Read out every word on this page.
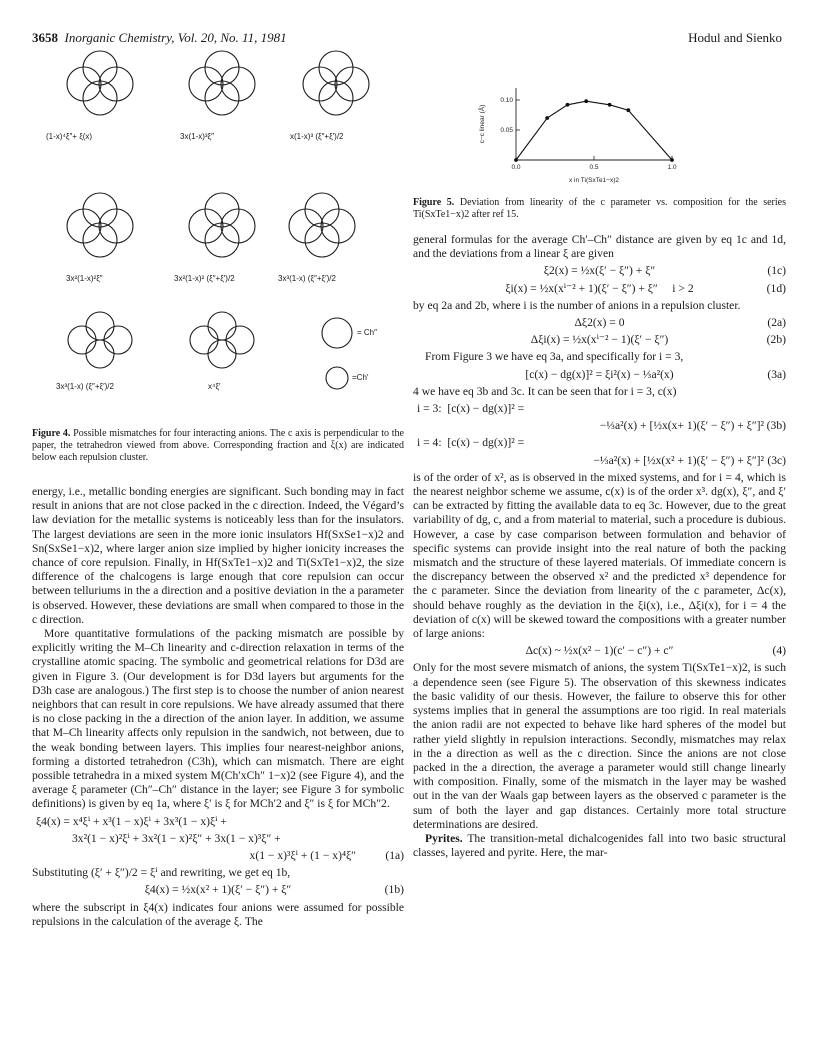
3658 Inorganic Chemistry, Vol. 20, No. 11, 1981	Hodul and Sienko
(1-x)⁴ξ″+ ξ(x)	3x(1-x)³ξ″	x(1-x)³ (ξ″+ξ′)/2
3x²(1-x)²ξ″	3x²(1-x)² (ξ″+ξ′)/2	3x³(1-x) (ξ″+ξ′)/2
3x³(1-x) (ξ″+ξ′)/2	x⁴ξ′
= Ch″
=Ch′
Figure 4. Possible mismatches for four interacting anions. The c axis is perpendicular to the paper, the tetrahedron viewed from above. Corresponding fraction and ξ(x) are indicated below each repulsion cluster.

energy, i.e., metallic bonding energies are significant. Such bonding may in fact result in anions that are not close packed in the c direction. Indeed, the Végard’s law deviation for the metallic systems is noticeably less than for the insulators. The largest deviations are seen in the more ionic insulators Hf(SxSe1−x)2 and Sn(SxSe1−x)2, where larger anion size implied by higher ionicity increases the chance of core repulsion. Finally, in Hf(SxTe1−x)2 and Ti(SxTe1−x)2, the size difference of the chalcogens is large enough that core repulsion can occur between telluriums in the a direction and a positive deviation in the a parameter is observed. However, these deviations are small when compared to those in the c direction.

More quantitative formulations of the packing mismatch are possible by explicitly writing the M–Ch linearity and c-direction relaxation in terms of the crystalline atomic spacing. The symbolic and geometrical relations for D3d are given in Figure 3. (Our development is for D3d layers but arguments for the D3h case are analogous.) The first step is to choose the number of anion nearest neighbors that can result in core repulsions. We have already assumed that there is no close packing in the a direction of the anion layer. In addition, we assume that M–Ch linearity affects only repulsion in the sandwich, not between, due to the weak bonding between layers. This implies four nearest-neighbor anions, forming a distorted tetrahedron (C3h), which can mismatch. There are eight possible tetrahedra in a mixed system M(Ch′xCh″ 1−x)2 (see Figure 4), and the average ξ parameter (Ch″–Ch″ distance in the layer; see Figure 3 for symbolic definitions) is given by eq 1a, where ξ′ is ξ for MCh′2 and ξ″ is ξ for MCh″2.

ξ4(x) = x⁴ξⁱ + x³(1 − x)ξⁱ + 3x³(1 − x)ξⁱ +
3x²(1 − x)²ξⁱ + 3x²(1 − x)²ξ″ + 3x(1 − x)³ξ″ +
x(1 − x)³ξⁱ + (1 − x)⁴ξ″	(1a)

Substituting (ξ′ + ξ″)/2 = ξⁱ and rewriting, we get eq 1b,

ξ4(x) = ½x(x² + 1)(ξ′ − ξ″) + ξ″	(1b)

where the subscript in ξ4(x) indicates four anions were assumed for possible repulsions in the calculation of the average ξ. The

0.0	0.5	1.0
0.05
0.10
x in Ti(SxTe1−x)2
c−c linear (Å)
Figure 5. Deviation from linearity of the c parameter vs. composition for the series Ti(SxTe1−x)2 after ref 15.

general formulas for the average Ch′–Ch″ distance are given by eq 1c and 1d, and the deviations from a linear ξ are given

ξ2(x) = ½x(ξ′ − ξ″) + ξ″	(1c)
ξi(x) = ½x(xⁱ⁻² + 1)(ξ′ − ξ″) + ξ″     i > 2	(1d)

by eq 2a and 2b, where i is the number of anions in a repulsion cluster.

Δξ2(x) = 0	(2a)
Δξi(x) = ½x(xⁱ⁻² − 1)(ξ′ − ξ″)	(2b)

From Figure 3 we have eq 3a, and specifically for i = 3,

[c(x) − dg(x)]² = ξi²(x) − ⅓a²(x)	(3a)

4 we have eq 3b and 3c. It can be seen that for i = 3, c(x)

i = 3:  [c(x) − dg(x)]² =
−⅓a²(x) + [½x(x+ 1)(ξ′ − ξ″) + ξ″]² (3b)
i = 4:  [c(x) − dg(x)]² =
−⅓a²(x) + [½x(x² + 1)(ξ′ − ξ″) + ξ″]² (3c)

is of the order of x², as is observed in the mixed systems, and for i = 4, which is the nearest neighbor scheme we assume, c(x) is of the order x³. dg(x), ξ″, and ξ′ can be extracted by fitting the available data to eq 3c. However, due to the great variability of dg, c, and a from material to material, such a procedure is dubious. However, a case by case comparison between formulation and behavior of specific systems can provide insight into the real nature of both the packing mismatch and the structure of these layered materials. Of immediate concern is the discrepancy between the observed x² and the predicted x³ dependence for the c parameter. Since the deviation from linearity of the c parameter, Δc(x), should behave roughly as the deviation in the ξi(x), i.e., Δξi(x), for i = 4 the deviation of c(x) will be skewed toward the compositions with a greater number of large anions:

Δc(x) ~ ½x(x² − 1)(c′ − c″) + c″	(4)

Only for the most severe mismatch of anions, the system Ti(SxTe1−x)2, is such a dependence seen (see Figure 5). The observation of this skewness indicates the basic validity of our thesis. However, the failure to observe this for other systems implies that in general the assumptions are too rigid. In real materials the anion radii are not expected to behave like hard spheres of the model but rather yield slightly in repulsion interactions. Secondly, mismatches may relax in the a direction as well as the c direction. Since the anions are not close packed in the a direction, the average a parameter would still change linearly with composition. Finally, some of the mismatch in the layer may be washed out in the van der Waals gap between layers as the observed c parameter is the sum of both the layer and gap distances. Certainly more total structure determinations are desired.

Pyrites. The transition-metal dichalcogenides fall into two basic structural classes, layered and pyrite. Here, the mar-
